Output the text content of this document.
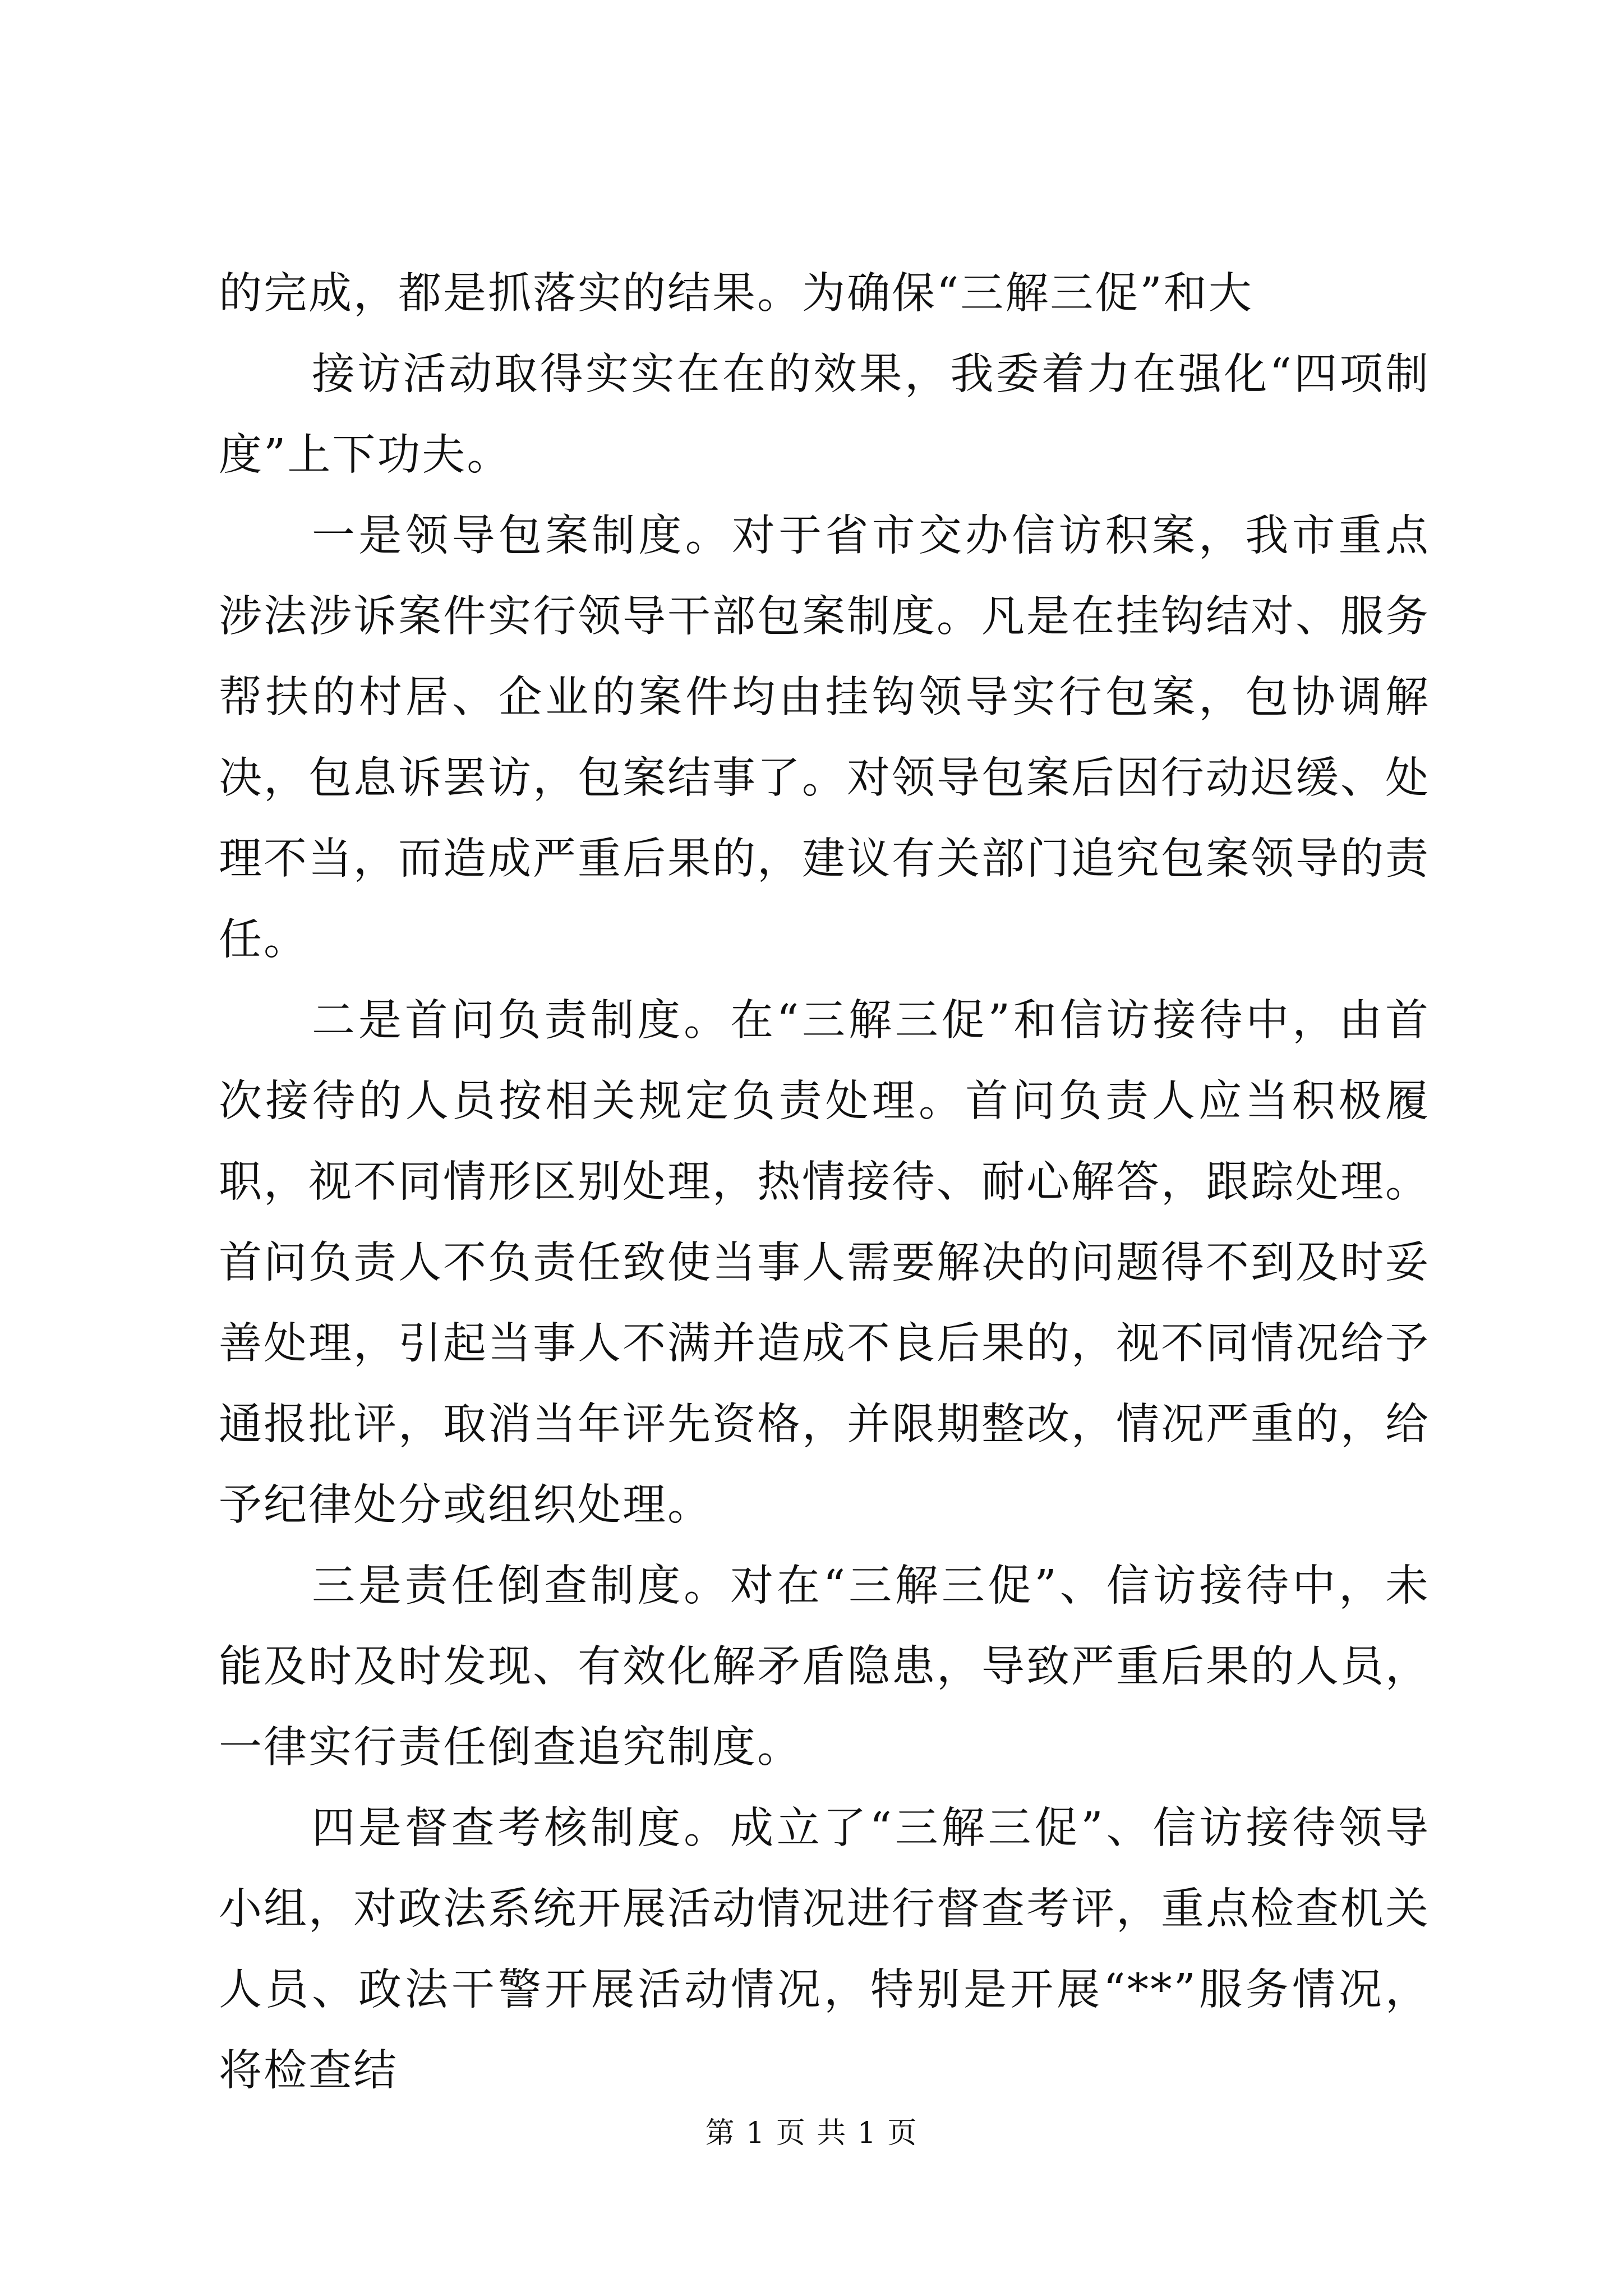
的完成，都是抓落实的结果。为确保“三解三促”和大

接访活动取得实实在在的效果，我委着力在强化“四项制度”上下功夫。

一是领导包案制度。对于省市交办信访积案，我市重点涉法涉诉案件实行领导干部包案制度。凡是在挂钩结对、服务帮扶的村居、企业的案件均由挂钩领导实行包案，包协调解决，包息诉罢访，包案结事了。对领导包案后因行动迟缓、处理不当，而造成严重后果的，建议有关部门追究包案领导的责任。

二是首问负责制度。在“三解三促”和信访接待中，由首次接待的人员按相关规定负责处理。首问负责人应当积极履职，视不同情形区别处理，热情接待、耐心解答，跟踪处理。首问负责人不负责任致使当事人需要解决的问题得不到及时妥善处理，引起当事人不满并造成不良后果的，视不同情况给予通报批评，取消当年评先资格，并限期整改，情况严重的，给予纪律处分或组织处理。

三是责任倒查制度。对在“三解三促”、信访接待中，未能及时及时发现、有效化解矛盾隐患，导致严重后果的人员，一律实行责任倒查追究制度。

四是督查考核制度。成立了“三解三促”、信访接待领导小组，对政法系统开展活动情况进行督查考评，重点检查机关人员、政法干警开展活动情况，特别是开展“**”服务情况，将检查结

第 1 页 共 1 页
